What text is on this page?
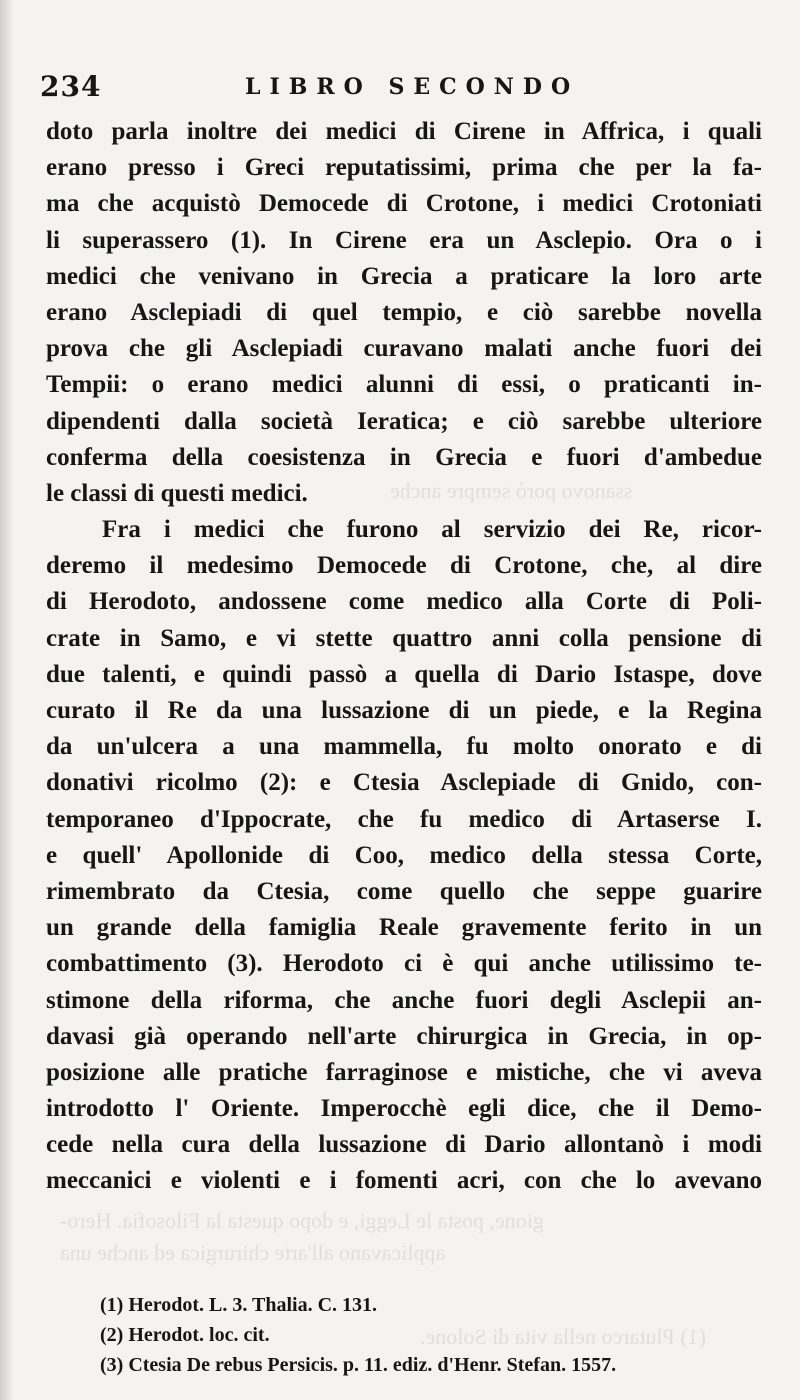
ssanovo porò sempre anche
gione, posta le Leggi, e dopo questa la Filosofia. Hero-
applicavano all'arte chirurgica ed anche una
(1) Plutarco nella vita di Solone.
234	LIBRO SECONDO
doto parla inoltre dei medici di Cirene in Affrica, i quali
erano presso i Greci reputatissimi, prima che per la fa-
ma che acquistò Democede di Crotone, i medici Crotoniati
li superassero (1). In Cirene era un Asclepio. Ora o i
medici che venivano in Grecia a praticare la loro arte
erano Asclepiadi di quel tempio, e ciò sarebbe novella
prova che gli Asclepiadi curavano malati anche fuori dei
Tempii: o erano medici alunni di essi, o praticanti in-
dipendenti dalla società Ieratica; e ciò sarebbe ulteriore
conferma della coesistenza in Grecia e fuori d'ambedue
le classi di questi medici.
Fra i medici che furono al servizio dei Re, ricor-
deremo il medesimo Democede di Crotone, che, al dire
di Herodoto, andossene come medico alla Corte di Poli-
crate in Samo, e vi stette quattro anni colla pensione di
due talenti, e quindi passò a quella di Dario Istaspe, dove
curato il Re da una lussazione di un piede, e la Regina
da un'ulcera a una mammella, fu molto onorato e di
donativi ricolmo (2): e Ctesia Asclepiade di Gnido, con-
temporaneo d'Ippocrate, che fu medico di Artaserse I.
e quell' Apollonide di Coo, medico della stessa Corte,
rimembrato da Ctesia, come quello che seppe guarire
un grande della famiglia Reale gravemente ferito in un
combattimento (3). Herodoto ci è qui anche utilissimo te-
stimone della riforma, che anche fuori degli Asclepii an-
davasi già operando nell'arte chirurgica in Grecia, in op-
posizione alle pratiche farraginose e mistiche, che vi aveva
introdotto l' Oriente. Imperocchè egli dice, che il Demo-
cede nella cura della lussazione di Dario allontanò i modi
meccanici e violenti e i fomenti acri, con che lo avevano
(1) Herodot. L. 3. Thalia. C. 131.
(2) Herodot. loc. cit.
(3) Ctesia De rebus Persicis. p. 11. ediz. d'Henr. Stefan. 1557.
